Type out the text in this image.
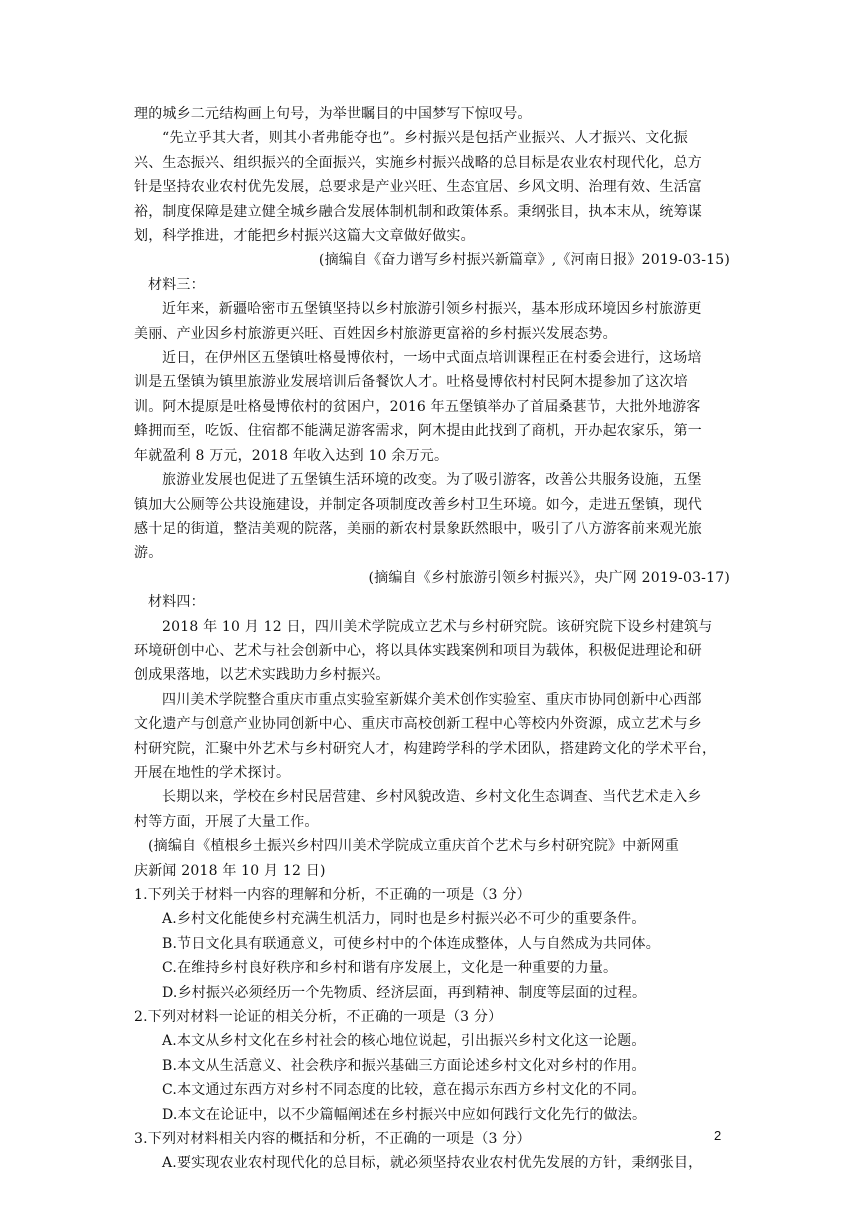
理的城乡二元结构画上句号，为举世瞩目的中国梦写下惊叹号。
“先立乎其大者，则其小者弗能夺也”。乡村振兴是包括产业振兴、人才振兴、文化振
兴、生态振兴、组织振兴的全面振兴，实施乡村振兴战略的总目标是农业农村现代化，总方
针是坚持农业农村优先发展，总要求是产业兴旺、生态宜居、乡风文明、治理有效、生活富
裕，制度保障是建立健全城乡融合发展体制机制和政策体系。秉纲张目，执本末从，统筹谋
划，科学推进，才能把乡村振兴这篇大文章做好做实。
(摘编自《奋力谱写乡村振兴新篇章》,《河南日报》2019-03-15)
材料三：
近年来，新疆哈密市五堡镇坚持以乡村旅游引领乡村振兴，基本形成环境因乡村旅游更
美丽、产业因乡村旅游更兴旺、百姓因乡村旅游更富裕的乡村振兴发展态势。
近日，在伊州区五堡镇吐格曼博依村，一场中式面点培训课程正在村委会进行，这场培
训是五堡镇为镇里旅游业发展培训后备餐饮人才。吐格曼博依村村民阿木提参加了这次培
训。阿木提原是吐格曼博依村的贫困户，2016 年五堡镇举办了首届桑葚节，大批外地游客
蜂拥而至，吃饭、住宿都不能满足游客需求，阿木提由此找到了商机，开办起农家乐，第一
年就盈利 8 万元，2018 年收入达到 10 余万元。
旅游业发展也促进了五堡镇生活环境的改变。为了吸引游客，改善公共服务设施，五堡
镇加大公厕等公共设施建设，并制定各项制度改善乡村卫生环境。如今，走进五堡镇，现代
感十足的街道，整洁美观的院落，美丽的新农村景象跃然眼中，吸引了八方游客前来观光旅
游。
(摘编自《乡村旅游引领乡村振兴》，央广网 2019-03-17)
材料四：
2018 年 10 月 12 日，四川美术学院成立艺术与乡村研究院。该研究院下设乡村建筑与
环境研创中心、艺术与社会创新中心，将以具体实践案例和项目为载体，积极促进理论和研
创成果落地，以艺术实践助力乡村振兴。
四川美术学院整合重庆市重点实验室新媒介美术创作实验室、重庆市协同创新中心西部
文化遗产与创意产业协同创新中心、重庆市高校创新工程中心等校内外资源，成立艺术与乡
村研究院，汇聚中外艺术与乡村研究人才，构建跨学科的学术团队，搭建跨文化的学术平台，
开展在地性的学术探讨。
长期以来，学校在乡村民居营建、乡村风貌改造、乡村文化生态调查、当代艺术走入乡
村等方面，开展了大量工作。
(摘编自《植根乡土振兴乡村四川美术学院成立重庆首个艺术与乡村研究院》中新网重
庆新闻 2018 年 10 月 12 日)
1.下列关于材料一内容的理解和分析，不正确的一项是（3 分）
A.乡村文化能使乡村充满生机活力，同时也是乡村振兴必不可少的重要条件。
B.节日文化具有联通意义，可使乡村中的个体连成整体，人与自然成为共同体。
C.在维持乡村良好秩序和乡村和谐有序发展上，文化是一种重要的力量。
D.乡村振兴必须经历一个先物质、经济层面，再到精神、制度等层面的过程。
2.下列对材料一论证的相关分析，不正确的一项是（3 分）
A.本文从乡村文化在乡村社会的核心地位说起，引出振兴乡村文化这一论题。
B.本文从生活意义、社会秩序和振兴基础三方面论述乡村文化对乡村的作用。
C.本文通过东西方对乡村不同态度的比较，意在揭示东西方乡村文化的不同。
D.本文在论证中，以不少篇幅阐述在乡村振兴中应如何践行文化先行的做法。
3.下列对材料相关内容的概括和分析，不正确的一项是（3 分）
A.要实现农业农村现代化的总目标，就必须坚持农业农村优先发展的方针，秉纲张目，
2
